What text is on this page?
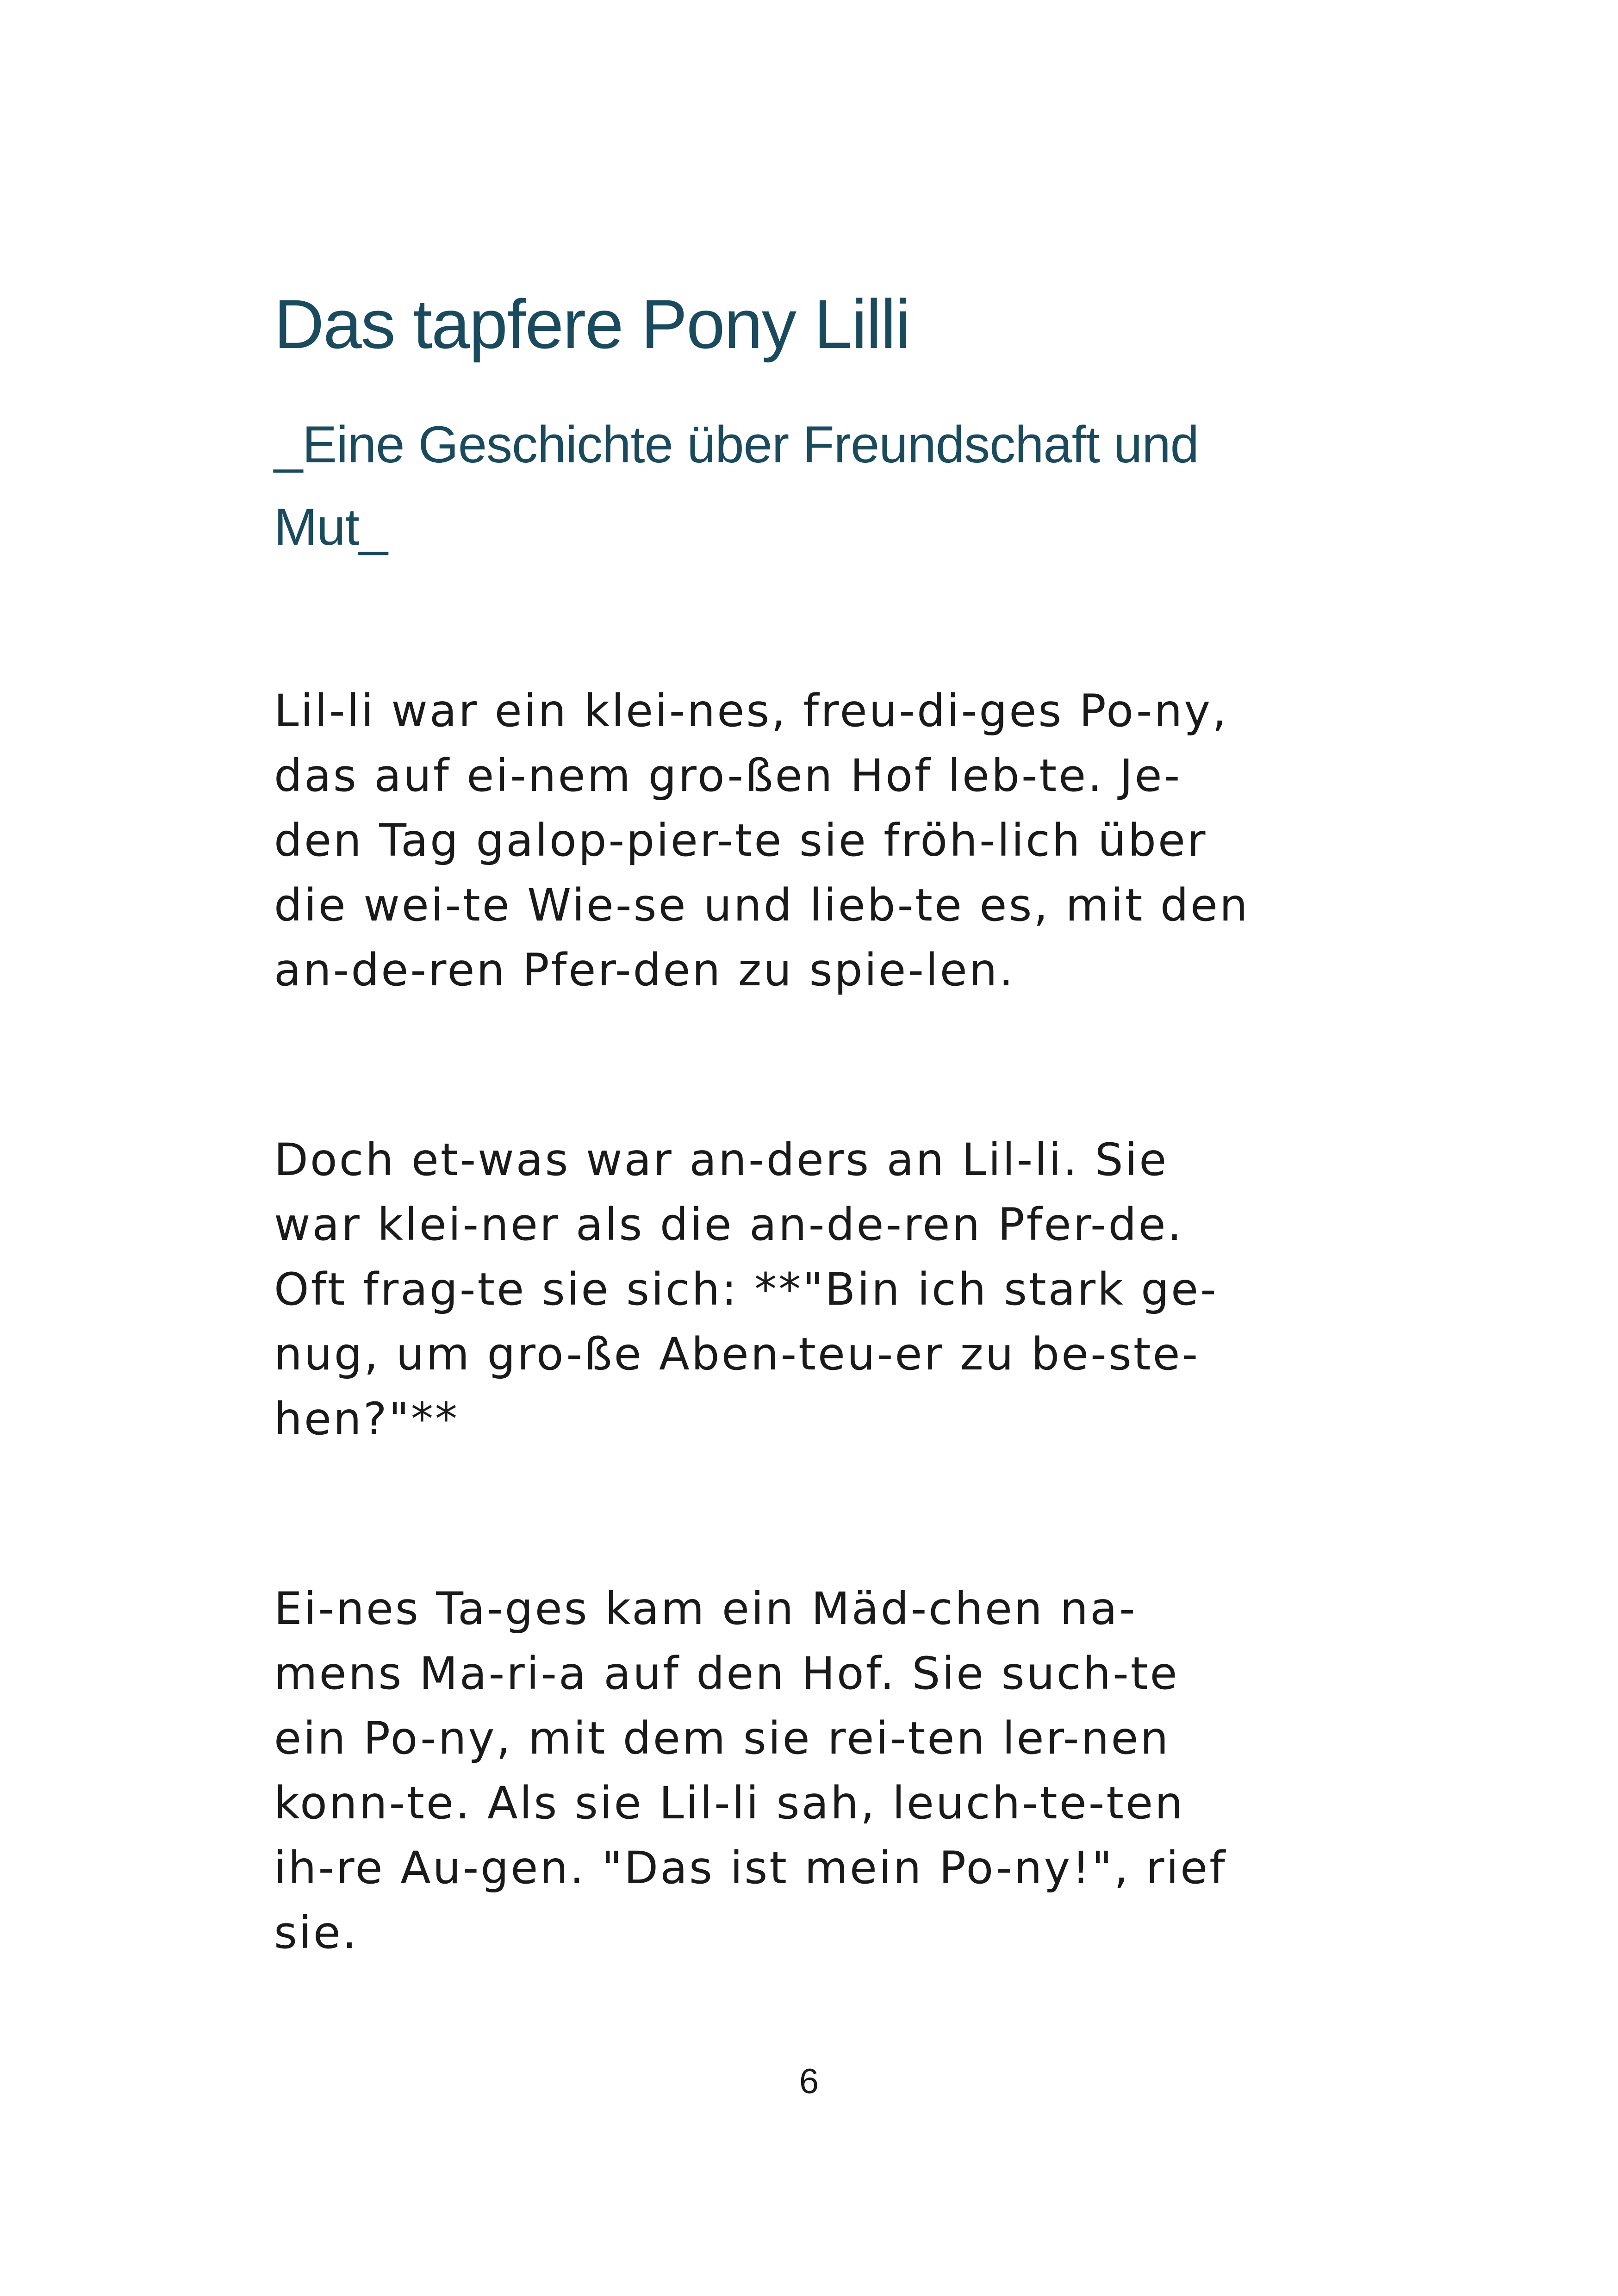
Das tapfere Pony Lilli
_Eine Geschichte über Freundschaft und
Mut_

Lil-li war ein klei-nes, freu-di-ges Po-ny,
das auf ei-nem gro-ßen Hof leb-te. Je-
den Tag galop-pier-te sie fröh-lich über
die wei-te Wie-se und lieb-te es, mit den
an-de-ren Pfer-den zu spie-len.

Doch et-was war an-ders an Lil-li. Sie
war klei-ner als die an-de-ren Pfer-de.
Oft frag-te sie sich: **"Bin ich stark ge-
nug, um gro-ße Aben-teu-er zu be-ste-
hen?"**

Ei-nes Ta-ges kam ein Mäd-chen na-
mens Ma-ri-a auf den Hof. Sie such-te
ein Po-ny, mit dem sie rei-ten ler-nen
konn-te. Als sie Lil-li sah, leuch-te-ten
ih-re Au-gen. "Das ist mein Po-ny!", rief
sie.

6
